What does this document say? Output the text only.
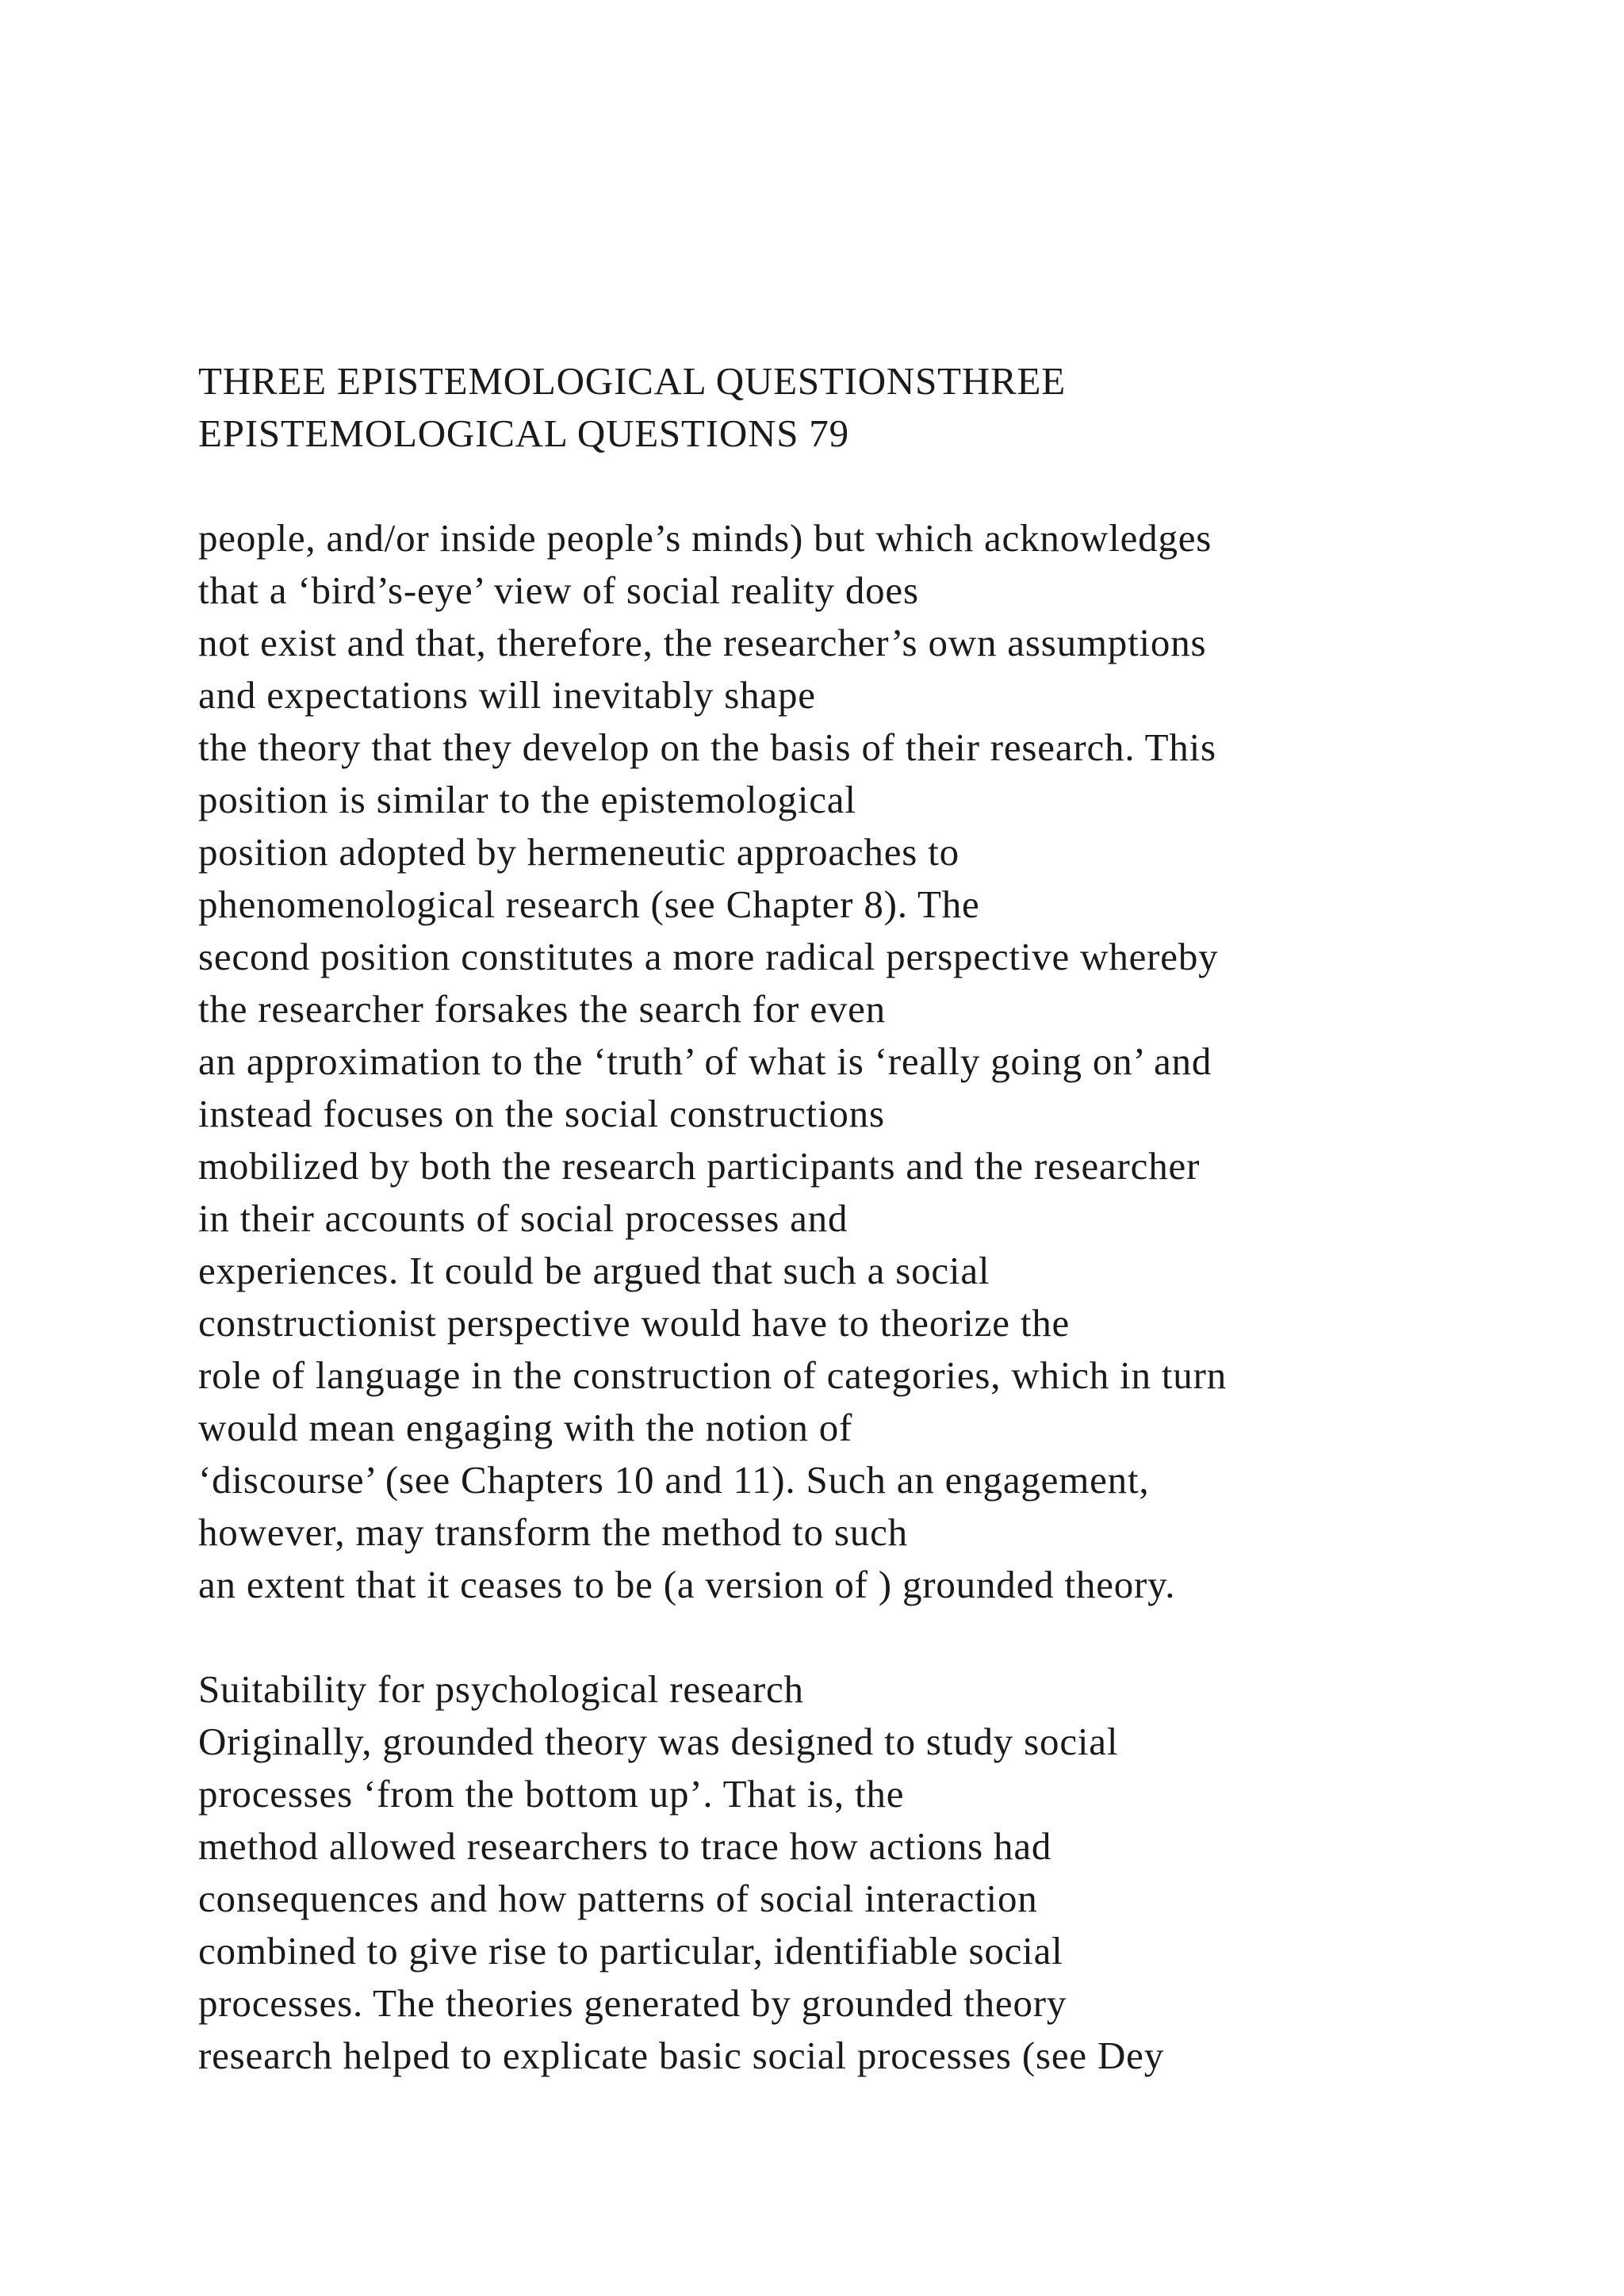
THREE EPISTEMOLOGICAL QUESTIONSTHREE
EPISTEMOLOGICAL QUESTIONS 79
people, and/or inside people’s minds) but which acknowledges
that a ‘bird’s-eye’ view of social reality does
not exist and that, therefore, the researcher’s own assumptions
and expectations will inevitably shape
the theory that they develop on the basis of their research. This
position is similar to the epistemological
position adopted by hermeneutic approaches to
phenomenological research (see Chapter 8). The
second position constitutes a more radical perspective whereby
the researcher forsakes the search for even
an approximation to the ‘truth’ of what is ‘really going on’ and
instead focuses on the social constructions
mobilized by both the research participants and the researcher
in their accounts of social processes and
experiences. It could be argued that such a social
constructionist perspective would have to theorize the
role of language in the construction of categories, which in turn
would mean engaging with the notion of
‘discourse’ (see Chapters 10 and 11). Such an engagement,
however, may transform the method to such
an extent that it ceases to be (a version of ) grounded theory.
Suitability for psychological research
Originally, grounded theory was designed to study social
processes ‘from the bottom up’. That is, the
method allowed researchers to trace how actions had
consequences and how patterns of social interaction
combined to give rise to particular, identifiable social
processes. The theories generated by grounded theory
research helped to explicate basic social processes (see Dey
